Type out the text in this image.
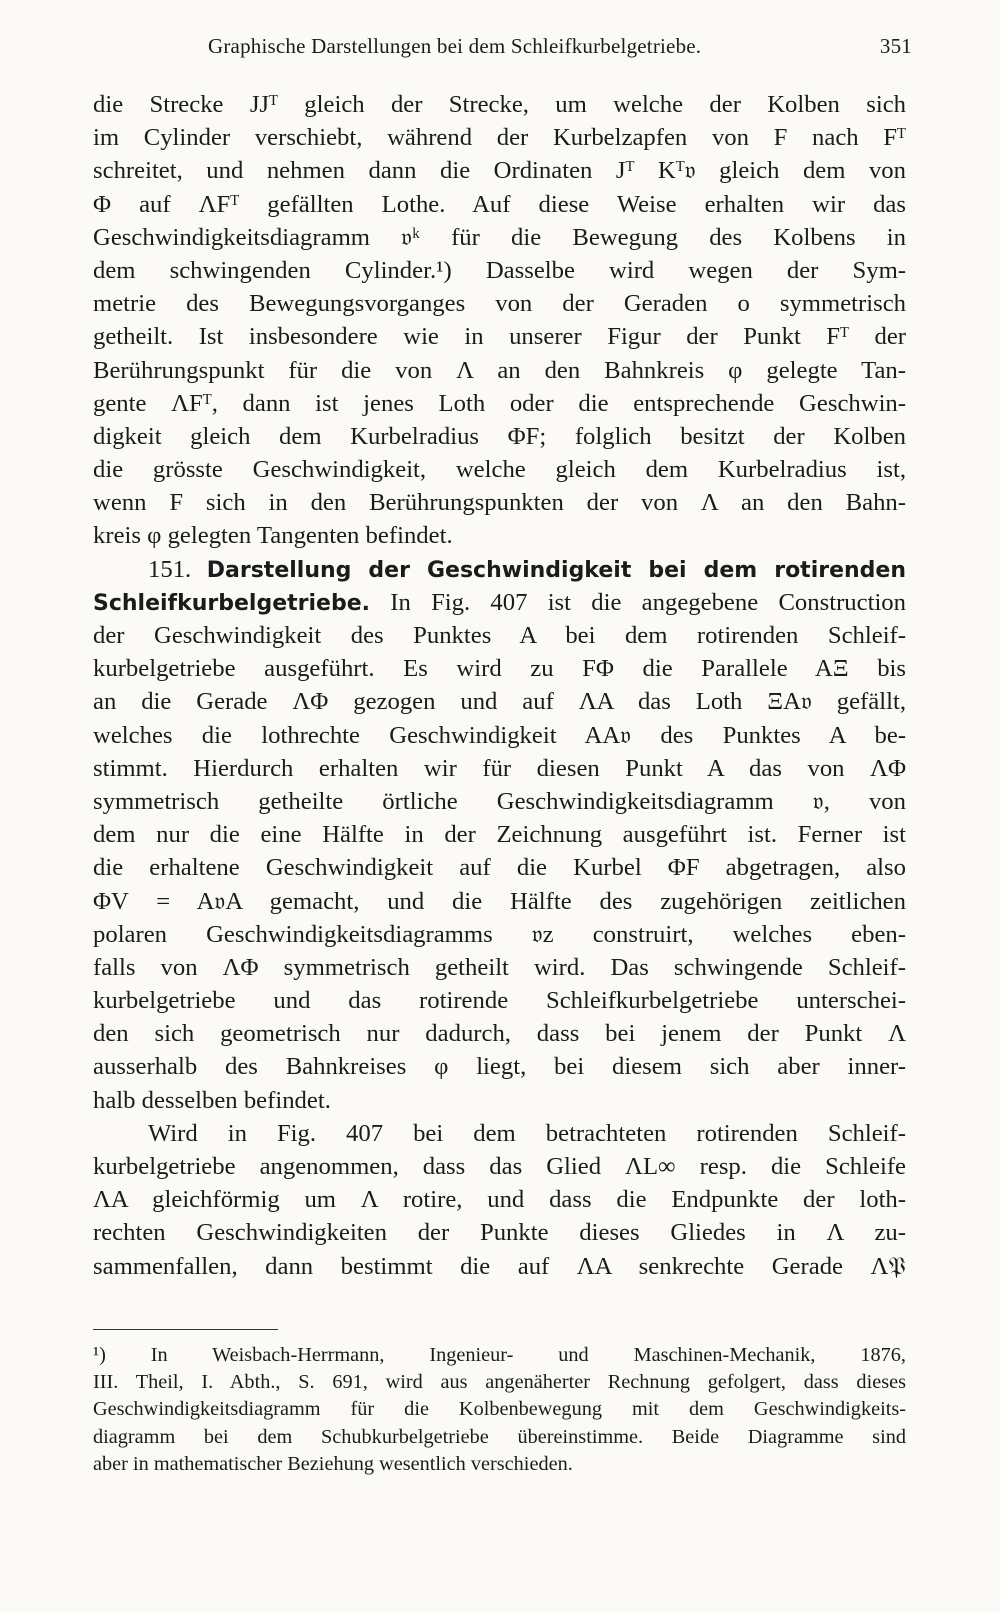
Graphische Darstellungen bei dem Schleifkurbelgetriebe.	351
die Strecke JJᵀ gleich der Strecke, um welche der Kolben sich
im Cylinder verschiebt, während der Kurbelzapfen von F nach Fᵀ
schreitet, und nehmen dann die Ordinaten Jᵀ Kᵀ𝔳 gleich dem von
Φ auf ΛFᵀ gefällten Lothe. Auf diese Weise erhalten wir das
Geschwindigkeitsdiagramm 𝔳ᵏ für die Bewegung des Kolbens in
dem schwingenden Cylinder.¹) Dasselbe wird wegen der Sym-
metrie des Bewegungsvorganges von der Geraden o symmetrisch
getheilt. Ist insbesondere wie in unserer Figur der Punkt Fᵀ der
Berührungspunkt für die von Λ an den Bahnkreis φ gelegte Tan-
gente ΛFᵀ, dann ist jenes Loth oder die entsprechende Geschwin-
digkeit gleich dem Kurbelradius ΦF; folglich besitzt der Kolben
die grösste Geschwindigkeit, welche gleich dem Kurbelradius ist,
wenn F sich in den Berührungspunkten der von Λ an den Bahn-
kreis φ gelegten Tangenten befindet.
151. Darstellung der Geschwindigkeit bei dem rotirenden
Schleifkurbelgetriebe. In Fig. 407 ist die angegebene Construction
der Geschwindigkeit des Punktes A bei dem rotirenden Schleif-
kurbelgetriebe ausgeführt. Es wird zu FΦ die Parallele AΞ bis
an die Gerade ΛΦ gezogen und auf ΛA das Loth ΞA𝔳 gefällt,
welches die lothrechte Geschwindigkeit AA𝔳 des Punktes A be-
stimmt. Hierdurch erhalten wir für diesen Punkt A das von ΛΦ
symmetrisch getheilte örtliche Geschwindigkeitsdiagramm 𝔳, von
dem nur die eine Hälfte in der Zeichnung ausgeführt ist. Ferner ist
die erhaltene Geschwindigkeit auf die Kurbel ΦF abgetragen, also
ΦV = A𝔳A gemacht, und die Hälfte des zugehörigen zeitlichen
polaren Geschwindigkeitsdiagramms 𝔳z construirt, welches eben-
falls von ΛΦ symmetrisch getheilt wird. Das schwingende Schleif-
kurbelgetriebe und das rotirende Schleifkurbelgetriebe unterschei-
den sich geometrisch nur dadurch, dass bei jenem der Punkt Λ
ausserhalb des Bahnkreises φ liegt, bei diesem sich aber inner-
halb desselben befindet.
Wird in Fig. 407 bei dem betrachteten rotirenden Schleif-
kurbelgetriebe angenommen, dass das Glied ΛL∞ resp. die Schleife
ΛA gleichförmig um Λ rotire, und dass die Endpunkte der loth-
rechten Geschwindigkeiten der Punkte dieses Gliedes in Λ zu-
sammenfallen, dann bestimmt die auf ΛA senkrechte Gerade Λ𝔓
¹) In Weisbach-Herrmann, Ingenieur- und Maschinen-Mechanik, 1876,
III. Theil, I. Abth., S. 691, wird aus angenäherter Rechnung gefolgert, dass dieses
Geschwindigkeitsdiagramm für die Kolbenbewegung mit dem Geschwindigkeits-
diagramm bei dem Schubkurbelgetriebe übereinstimme. Beide Diagramme sind
aber in mathematischer Beziehung wesentlich verschieden.
